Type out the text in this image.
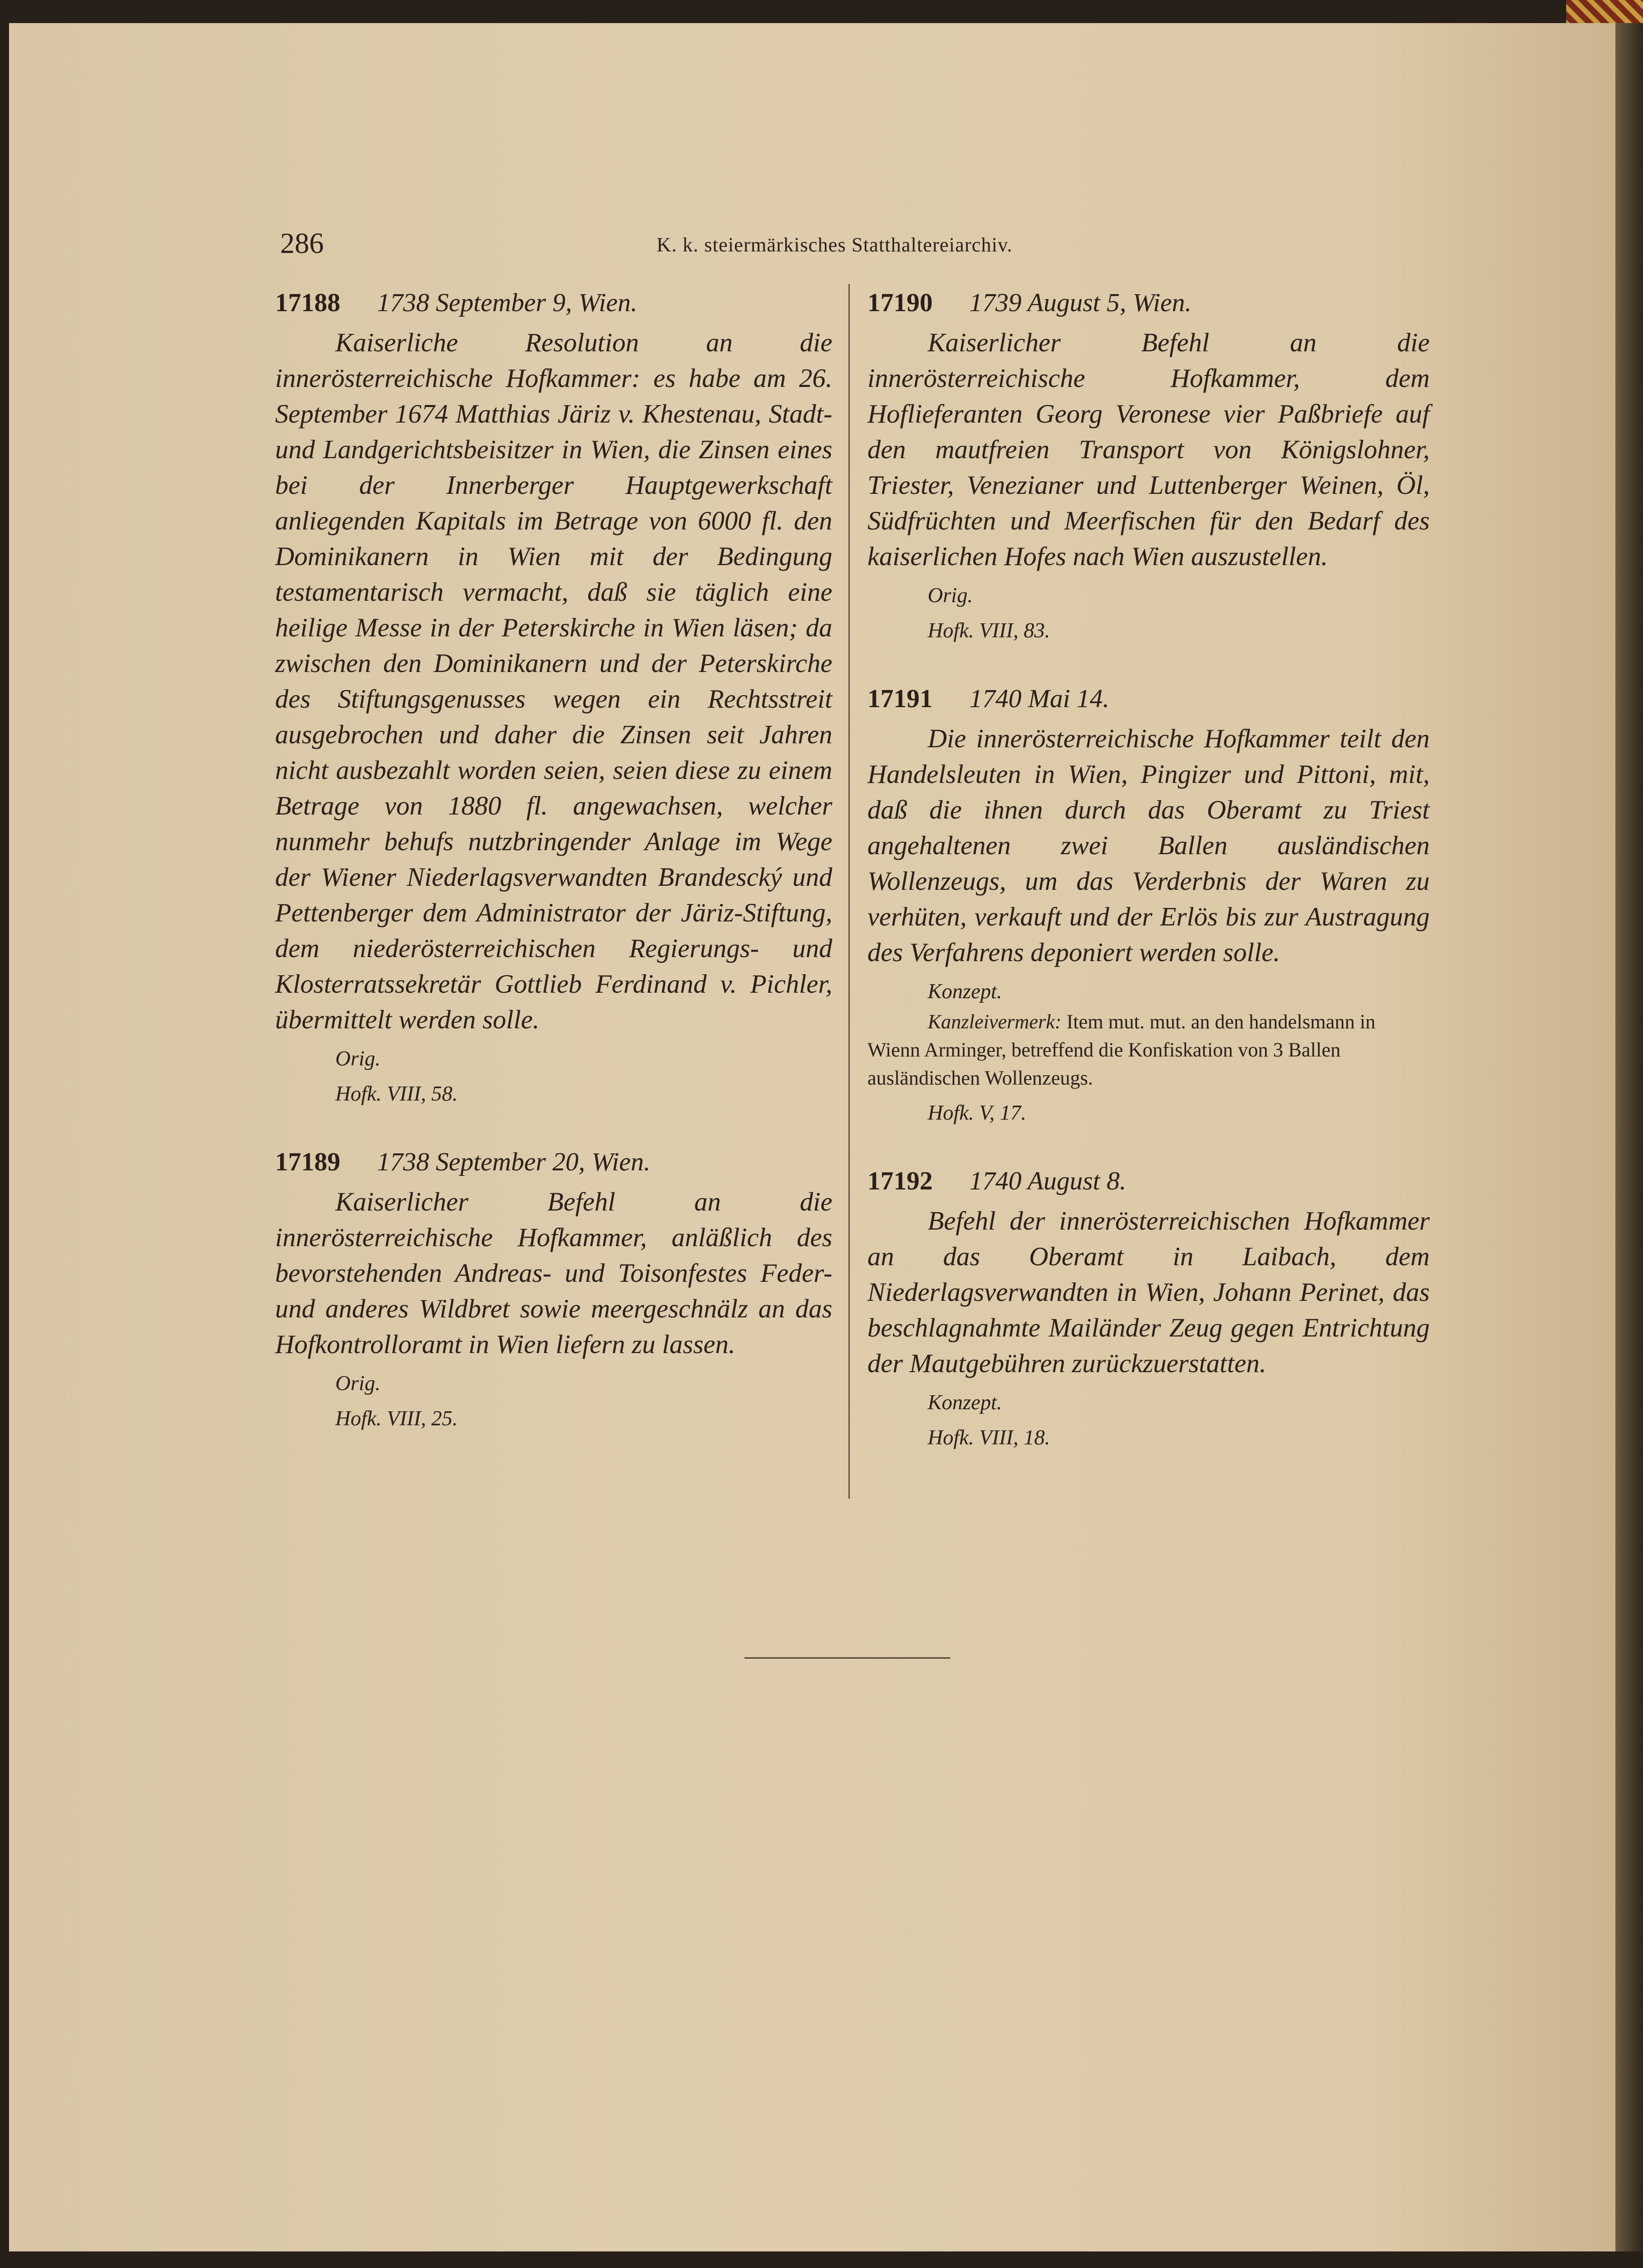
286	K. k. steiermärkisches Statthaltereiarchiv.
17188 1738 September 9, Wien.
Kaiserliche Resolution an die innerösterreichische Hofkammer: es habe am 26. September 1674 Matthias Järiz v. Khestenau, Stadt- und Landgerichtsbeisitzer in Wien, die Zinsen eines bei der Innerberger Hauptgewerkschaft anliegenden Kapitals im Betrage von 6000 fl. den Dominikanern in Wien mit der Bedingung testamentarisch vermacht, daß sie täglich eine heilige Messe in der Peterskirche in Wien läsen; da zwischen den Dominikanern und der Peterskirche des Stiftungsgenusses wegen ein Rechtsstreit ausgebrochen und daher die Zinsen seit Jahren nicht ausbezahlt worden seien, seien diese zu einem Betrage von 1880 fl. angewachsen, welcher nunmehr behufs nutzbringender Anlage im Wege der Wiener Niederlagsverwandten Brandescký und Pettenberger dem Administrator der Järiz-Stiftung, dem niederösterreichischen Regierungs- und Klosterratssekretär Gottlieb Ferdinand v. Pichler, übermittelt werden solle.
Orig.
Hofk. VIII, 58.
17189 1738 September 20, Wien.
Kaiserlicher Befehl an die innerösterreichische Hofkammer, anläßlich des bevorstehenden Andreas- und Toisonfestes Feder- und anderes Wildbret sowie meergeschnälz an das Hofkontrolloramt in Wien liefern zu lassen.
Orig.
Hofk. VIII, 25.
17190 1739 August 5, Wien.
Kaiserlicher Befehl an die innerösterreichische Hofkammer, dem Hoflieferanten Georg Veronese vier Paßbriefe auf den mautfreien Transport von Königslohner, Triester, Venezianer und Luttenberger Weinen, Öl, Südfrüchten und Meerfischen für den Bedarf des kaiserlichen Hofes nach Wien auszustellen.
Orig.
Hofk. VIII, 83.
17191 1740 Mai 14.
Die innerösterreichische Hofkammer teilt den Handelsleuten in Wien, Pingizer und Pittoni, mit, daß die ihnen durch das Oberamt zu Triest angehaltenen zwei Ballen ausländischen Wollenzeugs, um das Verderbnis der Waren zu verhüten, verkauft und der Erlös bis zur Austragung des Verfahrens deponiert werden solle.
Konzept.
Kanzleivermerk: Item mut. mut. an den handelsmann in Wienn Arminger, betreffend die Konfiskation von 3 Ballen ausländischen Wollenzeugs.
Hofk. V, 17.
17192 1740 August 8.
Befehl der innerösterreichischen Hofkammer an das Oberamt in Laibach, dem Niederlagsverwandten in Wien, Johann Perinet, das beschlagnahmte Mailänder Zeug gegen Entrichtung der Mautgebühren zurückzuerstatten.
Konzept.
Hofk. VIII, 18.
